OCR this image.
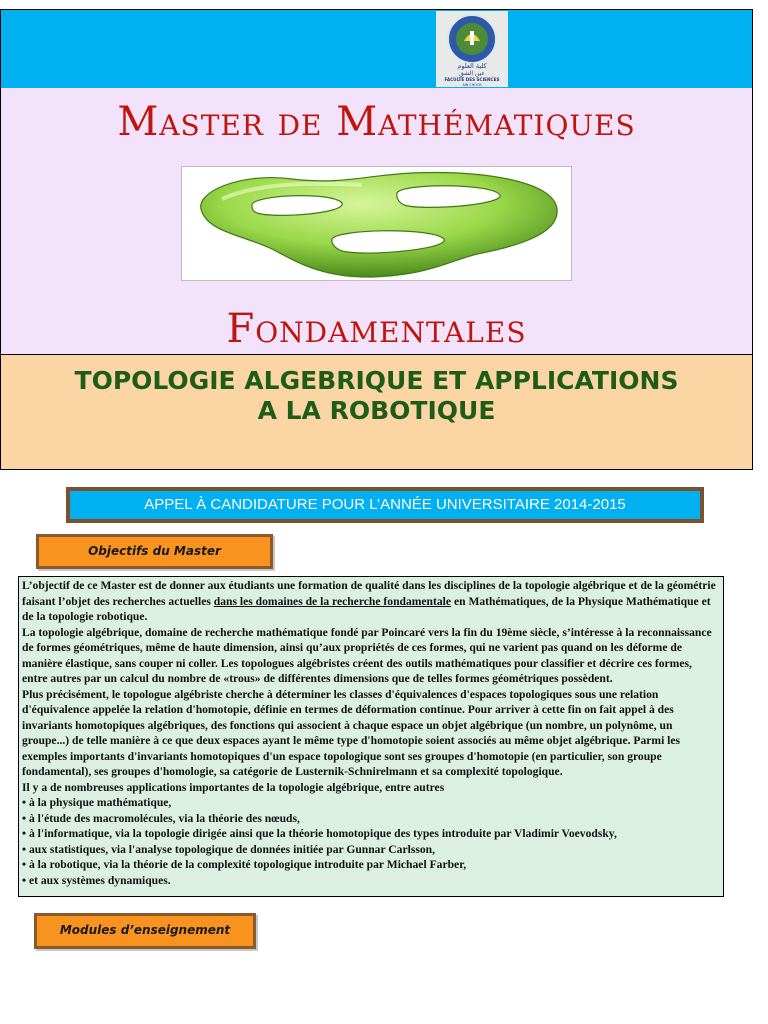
كلية العلوم
عين الشق
FACULTÉ DES SCIENCES
AIN CHOCK
Master de Mathématiques
Fondamentales
TOPOLOGIE ALGEBRIQUE ET APPLICATIONS
A LA ROBOTIQUE
APPEL À CANDIDATURE POUR L’ANNÉE UNIVERSITAIRE 2014-2015
Objectifs du Master

L’objectif de ce Master est de donner aux étudiants une formation de qualité dans les disciplines de la topologie algébrique et de la géométrie faisant l’objet des recherches actuelles dans les domaines de la recherche fondamentale en Mathématiques, de la Physique Mathématique et de la topologie robotique.

La topologie algébrique, domaine de recherche mathématique fondé par Poincaré vers la fin du 19ème siècle, s’intéresse à la reconnaissance de formes géométriques, même de haute dimension, ainsi qu’aux propriétés de ces formes, qui ne varient pas quand on les déforme de manière élastique, sans couper ni coller. Les topologues algébristes créent des outils mathématiques pour classifier et décrire ces formes, entre autres par un calcul du nombre de «trous» de différentes dimensions que de telles formes géométriques possèdent.

Plus précisément, le topologue algébriste cherche à déterminer les classes d'équivalences d'espaces topologiques sous une relation d'équivalence appelée la relation d'homotopie, définie en termes de déformation continue. Pour arriver à cette fin on fait appel à des invariants homotopiques algébriques, des fonctions qui associent à chaque espace un objet algébrique (un nombre, un polynôme, un groupe...) de telle manière à ce que deux espaces ayant le même type d'homotopie soient associés au même objet algébrique. Parmi les exemples importants d'invariants homotopiques d'un espace topologique sont ses groupes d'homotopie (en particulier, son groupe fondamental), ses groupes d'homologie, sa catégorie de Lusternik-Schnirelmann et sa complexité topologique.

Il y a de nombreuses applications importantes de la topologie algébrique, entre autres

• à la physique mathématique,

• à l'étude des macromolécules, via la théorie des nœuds,

• à l'informatique, via la topologie dirigée ainsi que la théorie homotopique des types introduite par Vladimir Voevodsky,

• aux statistiques, via l'analyse topologique de données initiée par Gunnar Carlsson,

• à la robotique, via la théorie de la complexité topologique introduite par Michael Farber,

• et aux systèmes dynamiques.

Modules d’enseignement
